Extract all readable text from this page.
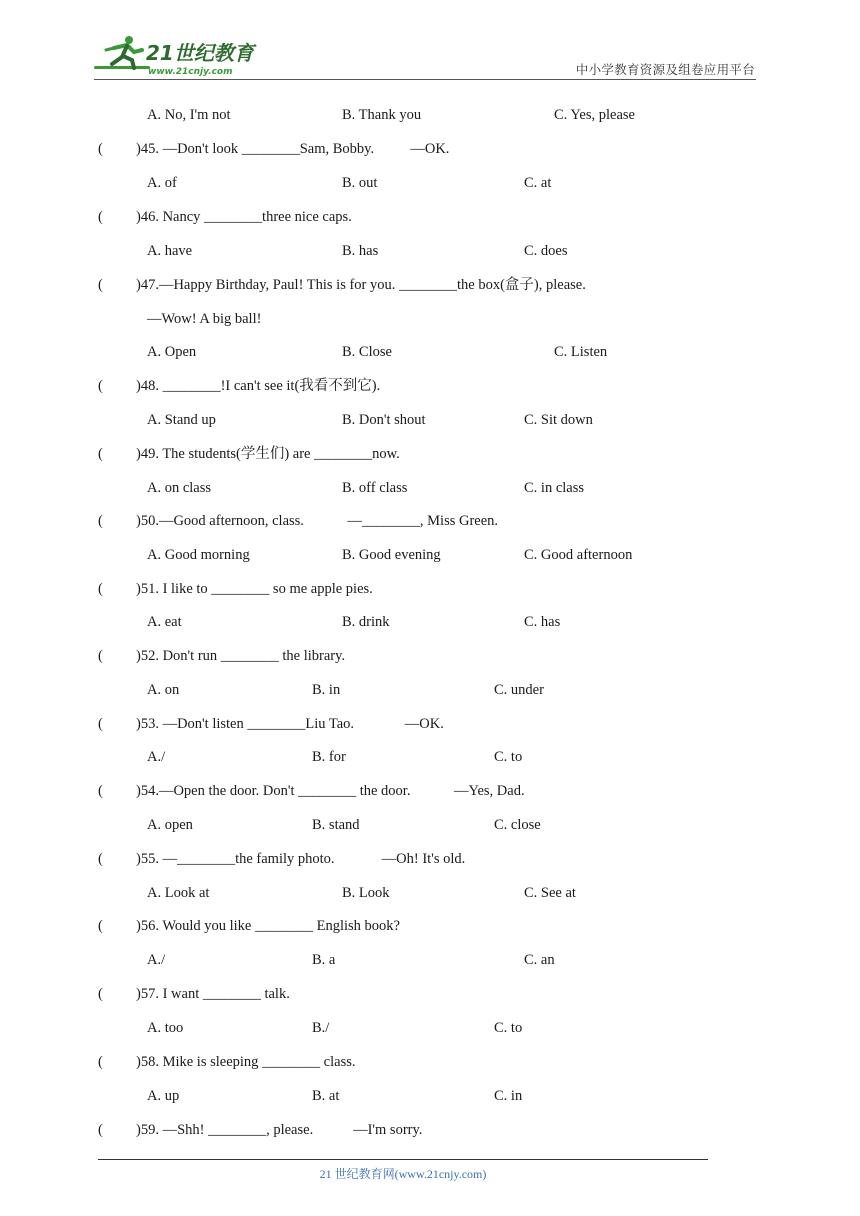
21世纪教育
www.21cnjy.com	中小学教育资源及组卷应用平台
A. No, I'm not	B. Thank you	C. Yes, please
( )45. —Don't look ________Sam, Bobby.          —OK.
A. of	B. out	C. at
( )46. Nancy ________three nice caps.
A. have	B. has	C. does
( )47.—Happy Birthday, Paul! This is for you. ________the box(盒子), please.
—Wow! A big ball!
A. Open	B. Close	C. Listen
( )48. ________!I can't see it(我看不到它).
A. Stand up	B. Don't shout	C. Sit down
( )49. The students(学生们) are ________now.
A. on class	B. off class	C. in class
( )50.—Good afternoon, class.            —________, Miss Green.
A. Good morning	B. Good evening	C. Good afternoon
( )51. I like to ________ so me apple pies.
A. eat	B. drink	C. has
( )52. Don't run ________ the library.
A. on	B. in	C. under
( )53. —Don't listen ________Liu Tao.              —OK.
A./	B. for	C. to
( )54.—Open the door. Don't ________ the door.            —Yes, Dad.
A. open	B. stand	C. close
( )55. —________the family photo.             —Oh! It's old.
A. Look at	B. Look	C. See at
( )56. Would you like ________ English book?
A./	B. a	C. an
( )57. I want ________ talk.
A. too	B./	C. to
( )58. Mike is sleeping ________ class.
A. up	B. at	C. in
( )59. —Shh! ________, please.           —I'm sorry.
21 世纪教育网(www.21cnjy.com)
